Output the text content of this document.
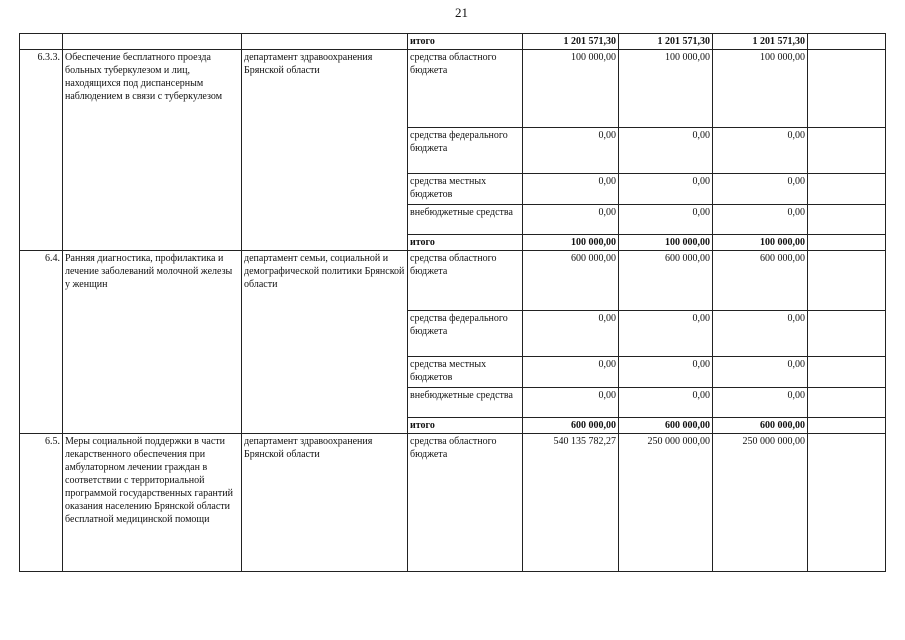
21
			итого	1 201 571,30	1 201 571,30	1 201 571,30	
6.3.3.	Обеспечение бесплатного проезда больных туберкулезом и лиц, находящихся под диспансерным наблюдением в связи с туберкулезом	департамент здравоохранения Брянской области	средства областного бюджета	100 000,00	100 000,00	100 000,00	
			средства федерального бюджета	0,00	0,00	0,00	
			средства местных бюджетов	0,00	0,00	0,00	
			внебюджетные средства	0,00	0,00	0,00	
			итого	100 000,00	100 000,00	100 000,00	
6.4.	Ранняя диагностика, профилактика и лечение заболеваний молочной железы у женщин	департамент семьи, социальной и демографической политики Брянской области	средства областного бюджета	600 000,00	600 000,00	600 000,00	
			средства федерального бюджета	0,00	0,00	0,00	
			средства местных бюджетов	0,00	0,00	0,00	
			внебюджетные средства	0,00	0,00	0,00	
			итого	600 000,00	600 000,00	600 000,00	
6.5.	Меры социальной поддержки в части лекарственного обеспечения при амбулаторном лечении граждан в соответствии с территориальной программой государственных гарантий оказания населению Брянской области бесплатной медицинской помощи	департамент здравоохранения Брянской области	средства областного бюджета	540 135 782,27	250 000 000,00	250 000 000,00	
